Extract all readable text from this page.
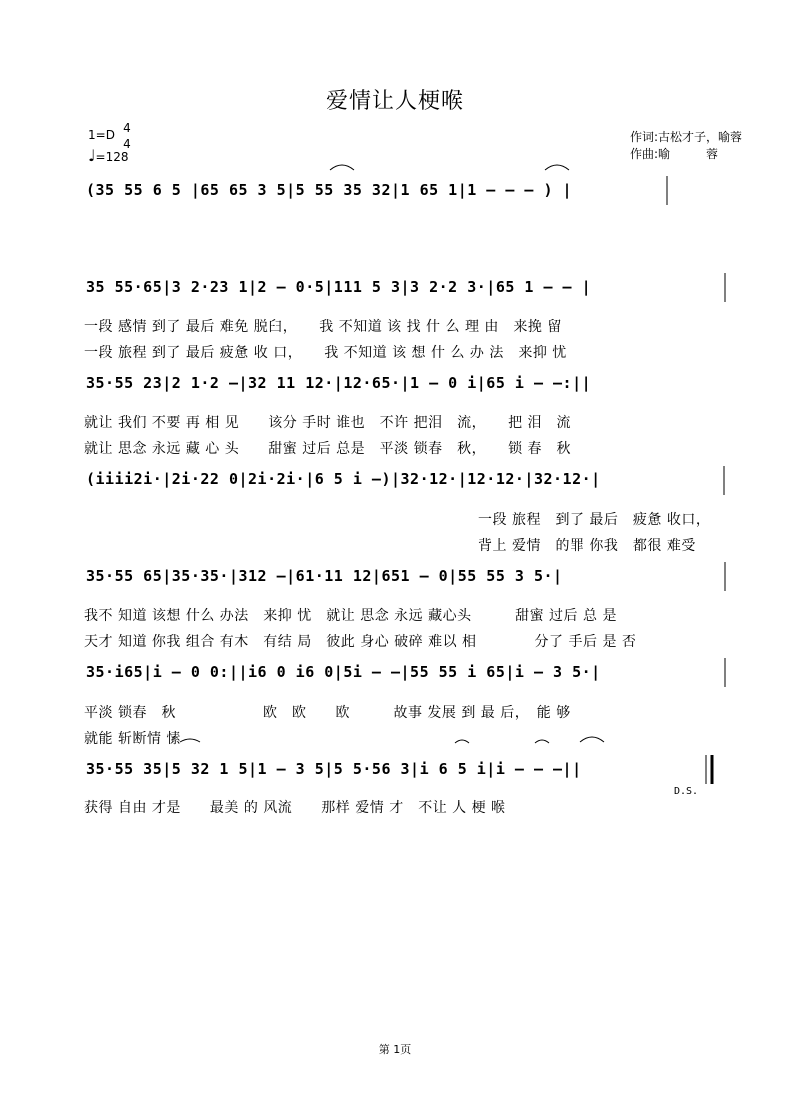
爱情让人梗喉
1=D 4
4
♩=128
作词:古松才子，喻蓉
作曲:喻　　　蓉
(35 55 6 5 |65 65 3 5|5 55 35 32|1 65 1|1 – – – ) |
35 55·65|3 2·23 1|2 – 0·5|111 5 3|3 2·2 3·|65 1 – – |
一段 感情 到了 最后 难免 脱臼，　　我 不知道 该 找 什 么 理 由　来挽 留
一段 旅程 到了 最后 疲惫 收 口，　　我 不知道 该 想 什 么 办 法　来抑 忧
35·55 23|2 1·2 –|32 11 12·|12·65·|1 – 0 i|65 i – –:||
就让 我们 不要 再 相 见　　该分 手时 谁也　不许 把泪　流，　　把 泪　流
就让 思念 永远 藏 心 头　　甜蜜 过后 总是　平淡 锁春　秋，　　锁 春　秋
(iiii2i·|2i·22 0|2i·2i·|6 5 i –)|32·12·|12·12·|32·12·|
一段 旅程　到了 最后　疲惫 收口，
背上 爱情　的罪 你我　都很 难受
35·55 65|35·35·|312 –|61·11 12|651 – 0|55 55 3 5·|
我不 知道 该想 什么 办法　来抑 忧　就让 思念 永远 藏心头　　　甜蜜 过后 总 是
天才 知道 你我 组合 有木　有结 局　彼此 身心 破碎 难以 相　　　　分了 手后 是 否
35·i65|i – 0 0:||i6 0 i6 0|5i – –|55 55 i 65|i – 3 5·|
平淡 锁春　秋　　　　　　欧　欧　　欧　　　故事 发展 到 最 后，　能 够
就能 斩断情 愫
35·55 35|5 32 1 5|1 – 3 5|5 5·56 3|i 6 5 i|i – – –||
D.S.
获得 自由 才是　　最美 的 风流　　那样 爱情 才　不让 人 梗 喉
第 1页
